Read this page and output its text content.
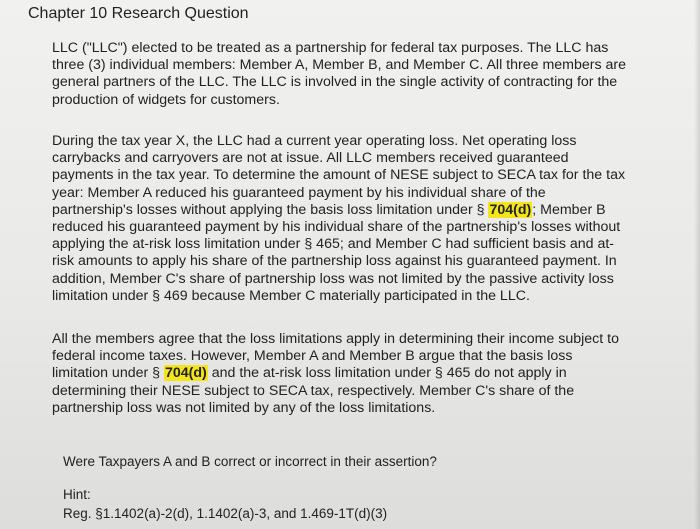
Chapter 10 Research Question
LLC ("LLC") elected to be treated as a partnership for federal tax purposes. The LLC has
three (3) individual members: Member A, Member B, and Member C. All three members are
general partners of the LLC. The LLC is involved in the single activity of contracting for the
production of widgets for customers.
During the tax year X, the LLC had a current year operating loss. Net operating loss
carrybacks and carryovers are not at issue. All LLC members received guaranteed
payments in the tax year. To determine the amount of NESE subject to SECA tax for the tax
year: Member A reduced his guaranteed payment by his individual share of the
partnership's losses without applying the basis loss limitation under § 704(d); Member B
reduced his guaranteed payment by his individual share of the partnership's losses without
applying the at-risk loss limitation under § 465; and Member C had sufficient basis and at-
risk amounts to apply his share of the partnership loss against his guaranteed payment. In
addition, Member C's share of partnership loss was not limited by the passive activity loss
limitation under § 469 because Member C materially participated in the LLC.
All the members agree that the loss limitations apply in determining their income subject to
federal income taxes. However, Member A and Member B argue that the basis loss
limitation under § 704(d) and the at-risk loss limitation under § 465 do not apply in
determining their NESE subject to SECA tax, respectively. Member C's share of the
partnership loss was not limited by any of the loss limitations.
Were Taxpayers A and B correct or incorrect in their assertion?
Hint:
Reg. §1.1402(a)-2(d), 1.1402(a)-3, and 1.469-1T(d)(3)
